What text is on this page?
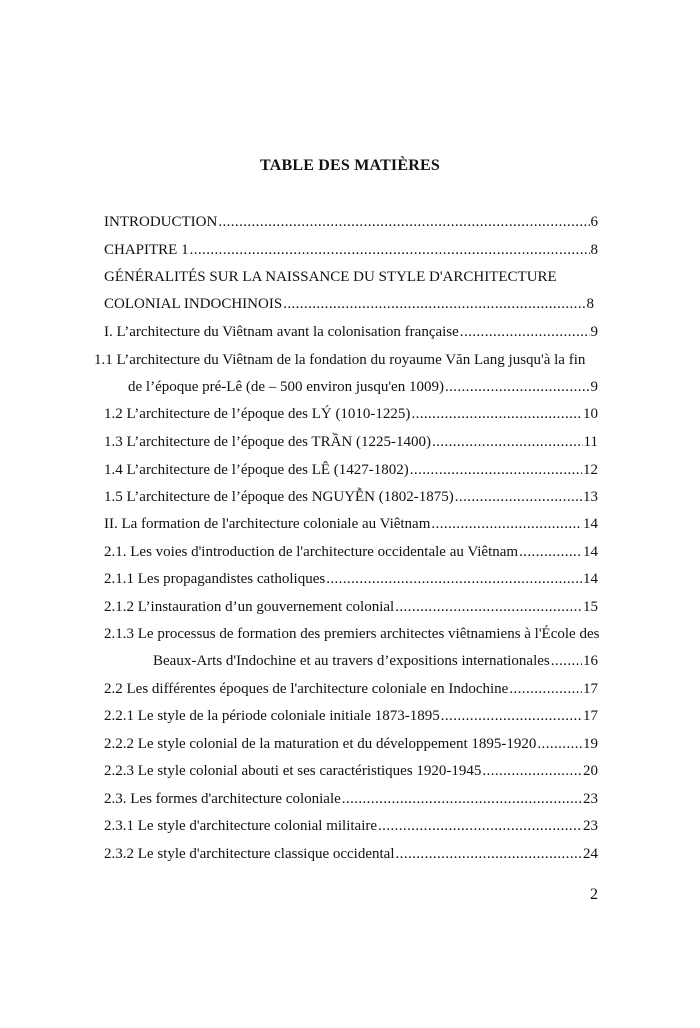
TABLE DES MATIÈRES
INTRODUCTION .....	6
CHAPITRE 1 .....	8
GÉNÉRALITÉS SUR LA NAISSANCE DU STYLE D'ARCHITECTURE
COLONIAL INDOCHINOIS .....	8
I. L’architecture du Viêtnam avant la colonisation française .....	9
1.1 L’architecture du Viêtnam de la fondation du royaume Văn Lang jusqu'à la fin
de l’époque pré-Lê (de – 500 environ jusqu'en 1009) .....	9
1.2 L’architecture de l’époque des LÝ (1010-1225) .....	10
1.3 L’architecture de l’époque des TRẦN (1225-1400) .....	11
1.4 L’architecture de l’époque des LÊ (1427-1802) .....	12
1.5 L’architecture de l’époque des NGUYỄN (1802-1875) .....	13
II. La formation de l'architecture coloniale au Viêtnam .....	14
2.1. Les voies d'introduction de l'architecture occidentale au Viêtnam .....	14
2.1.1 Les propagandistes catholiques .....	14
2.1.2 L’instauration d’un gouvernement colonial .....	15
2.1.3 Le processus de formation des premiers architectes viêtnamiens à l'École des
Beaux-Arts d'Indochine et au travers d’expositions internationales ..... 16
2.2 Les différentes époques de l'architecture coloniale en Indochine .....	17
2.2.1 Le style de la période coloniale initiale 1873-1895 .....	17
2.2.2 Le style colonial de la maturation et du développement 1895-1920 .....	19
2.2.3 Le style colonial abouti et ses caractéristiques 1920-1945 .....	20
2.3. Les formes d'architecture coloniale .....	23
2.3.1 Le style d'architecture colonial militaire .....	23
2.3.2 Le style d'architecture classique occidental .....	24
2
